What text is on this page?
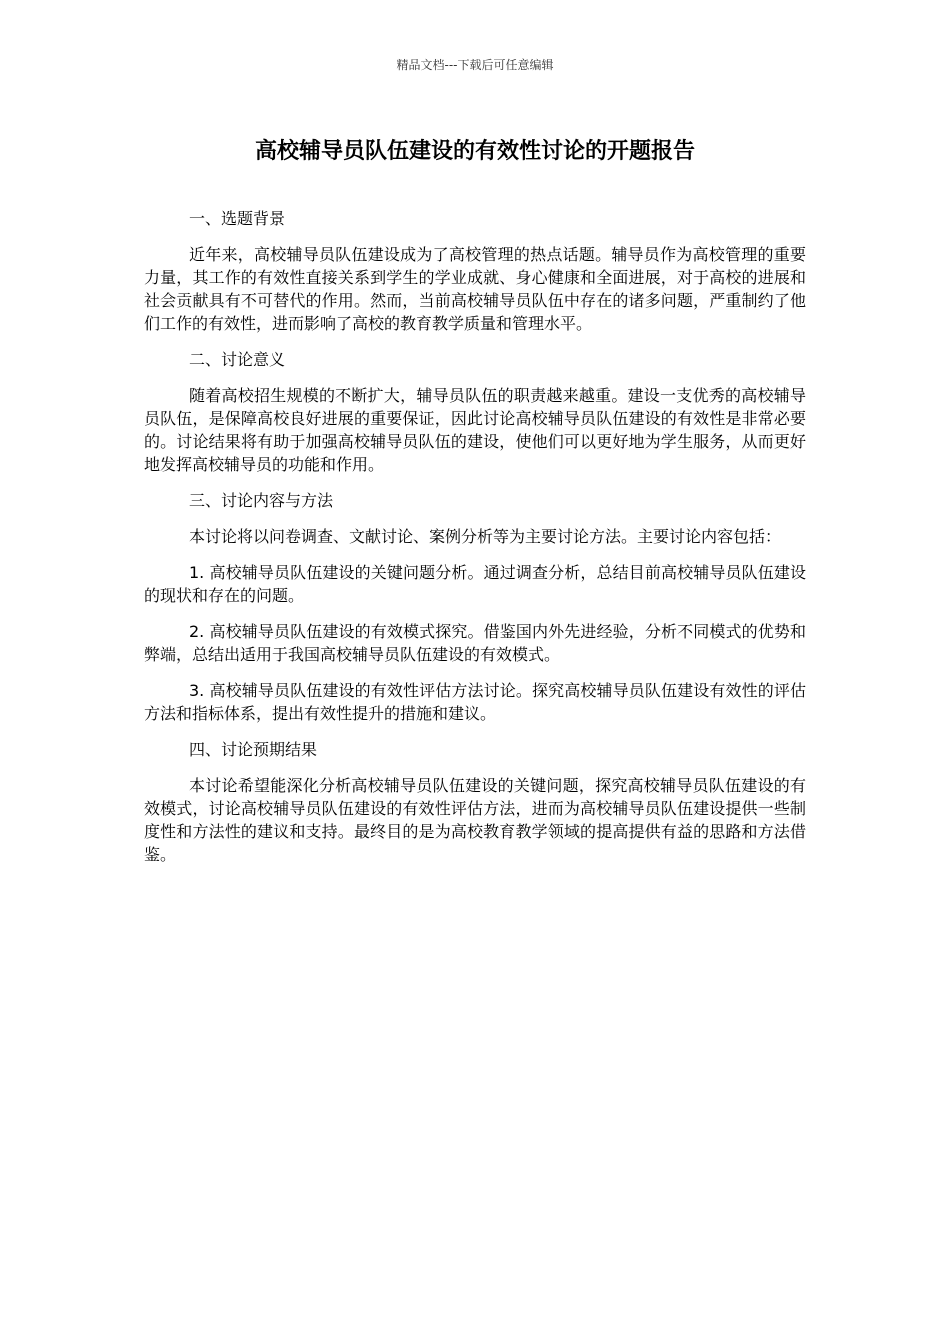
精品文档---下载后可任意编辑
高校辅导员队伍建设的有效性讨论的开题报告

一、选题背景

近年来，高校辅导员队伍建设成为了高校管理的热点话题。辅导员作为高校管理的重要力量，其工作的有效性直接关系到学生的学业成就、身心健康和全面进展，对于高校的进展和社会贡献具有不可替代的作用。然而，当前高校辅导员队伍中存在的诸多问题，严重制约了他们工作的有效性，进而影响了高校的教育教学质量和管理水平。

二、讨论意义

随着高校招生规模的不断扩大，辅导员队伍的职责越来越重。建设一支优秀的高校辅导员队伍，是保障高校良好进展的重要保证，因此讨论高校辅导员队伍建设的有效性是非常必要的。讨论结果将有助于加强高校辅导员队伍的建设，使他们可以更好地为学生服务，从而更好地发挥高校辅导员的功能和作用。

三、讨论内容与方法

本讨论将以问卷调查、文献讨论、案例分析等为主要讨论方法。主要讨论内容包括：

1. 高校辅导员队伍建设的关键问题分析。通过调查分析，总结目前高校辅导员队伍建设的现状和存在的问题。

2. 高校辅导员队伍建设的有效模式探究。借鉴国内外先进经验，分析不同模式的优势和弊端，总结出适用于我国高校辅导员队伍建设的有效模式。

3. 高校辅导员队伍建设的有效性评估方法讨论。探究高校辅导员队伍建设有效性的评估方法和指标体系，提出有效性提升的措施和建议。

四、讨论预期结果

本讨论希望能深化分析高校辅导员队伍建设的关键问题，探究高校辅导员队伍建设的有效模式，讨论高校辅导员队伍建设的有效性评估方法，进而为高校辅导员队伍建设提供一些制度性和方法性的建议和支持。最终目的是为高校教育教学领域的提高提供有益的思路和方法借鉴。
